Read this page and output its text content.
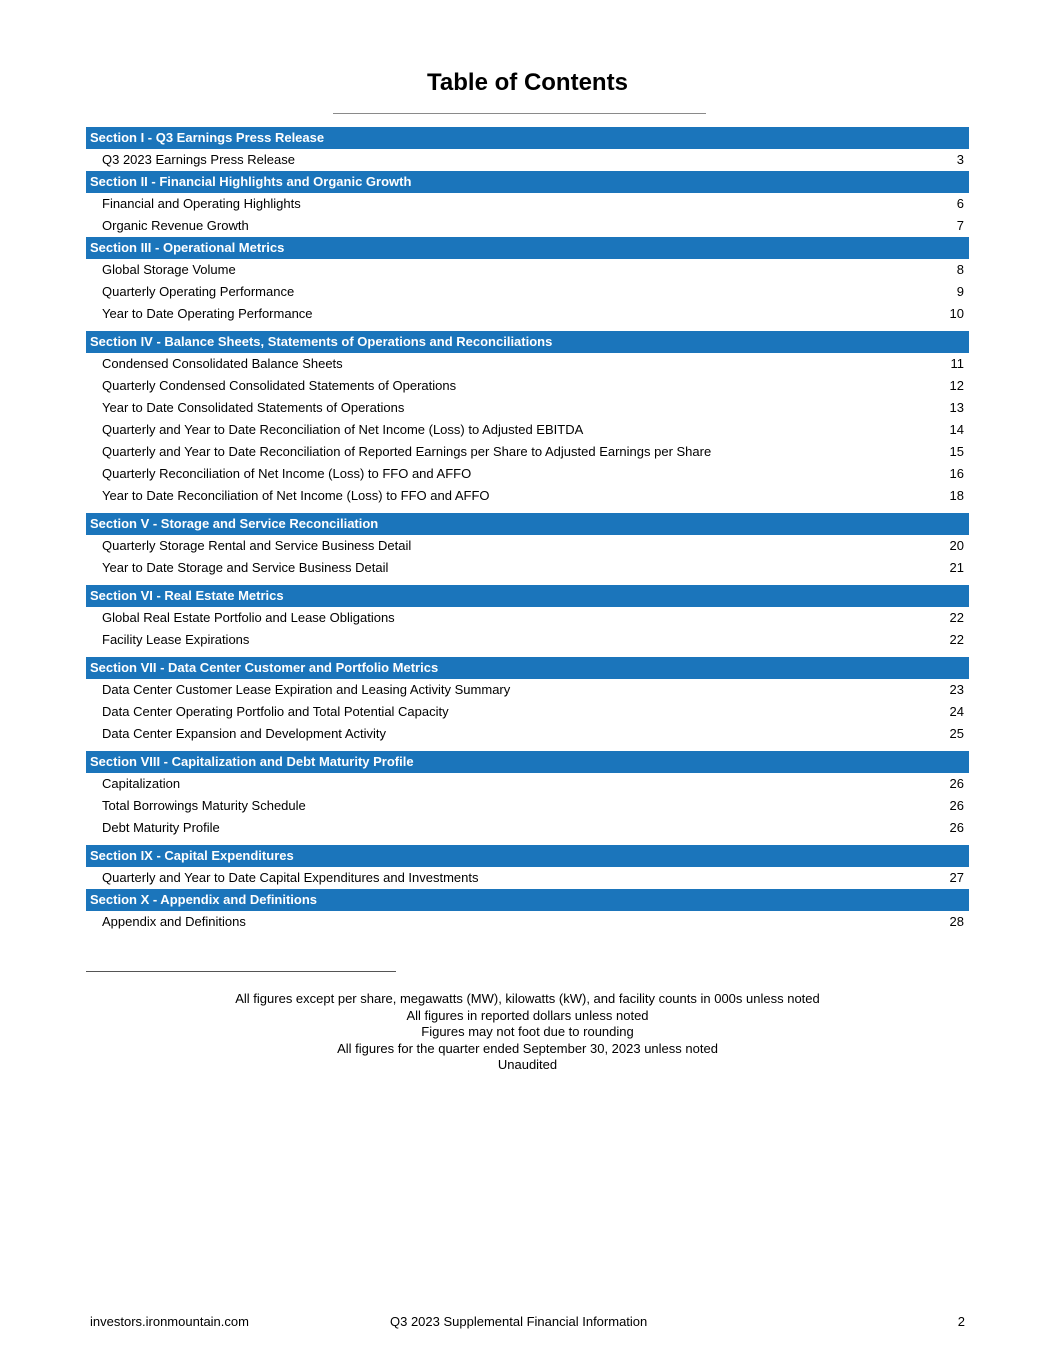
Table of Contents
Section I - Q3 Earnings Press Release
Q3 2023 Earnings Press Release	3
Section II - Financial Highlights and Organic Growth
Financial and Operating Highlights	6
Organic Revenue Growth	7
Section III - Operational Metrics
Global Storage Volume	8
Quarterly Operating Performance	9
Year to Date Operating Performance	10
Section IV - Balance Sheets, Statements of Operations and Reconciliations
Condensed Consolidated Balance Sheets	11
Quarterly Condensed Consolidated Statements of Operations	12
Year to Date Consolidated Statements of Operations	13
Quarterly and Year to Date Reconciliation of Net Income (Loss) to Adjusted EBITDA	14
Quarterly and Year to Date Reconciliation of Reported Earnings per Share to Adjusted Earnings per Share	15
Quarterly Reconciliation of Net Income (Loss) to FFO and AFFO	16
Year to Date Reconciliation of Net Income (Loss) to FFO and AFFO	18
Section V - Storage and Service Reconciliation
Quarterly Storage Rental and Service Business Detail	20
Year to Date Storage and Service Business Detail	21
Section VI - Real Estate Metrics
Global Real Estate Portfolio and Lease Obligations	22
Facility Lease Expirations	22
Section VII - Data Center Customer and Portfolio Metrics
Data Center Customer Lease Expiration and Leasing Activity Summary	23
Data Center Operating Portfolio and Total Potential Capacity	24
Data Center Expansion and Development Activity	25
Section VIII - Capitalization and Debt Maturity Profile
Capitalization	26
Total Borrowings Maturity Schedule	26
Debt Maturity Profile	26
Section IX - Capital Expenditures
Quarterly and Year to Date Capital Expenditures and Investments	27
Section X - Appendix and Definitions
Appendix and Definitions	28
All figures except per share, megawatts (MW), kilowatts (kW), and facility counts in 000s unless noted
All figures in reported dollars unless noted
Figures may not foot due to rounding
All figures for the quarter ended September 30, 2023 unless noted
Unaudited
investors.ironmountain.com	Q3 2023 Supplemental Financial Information	2
